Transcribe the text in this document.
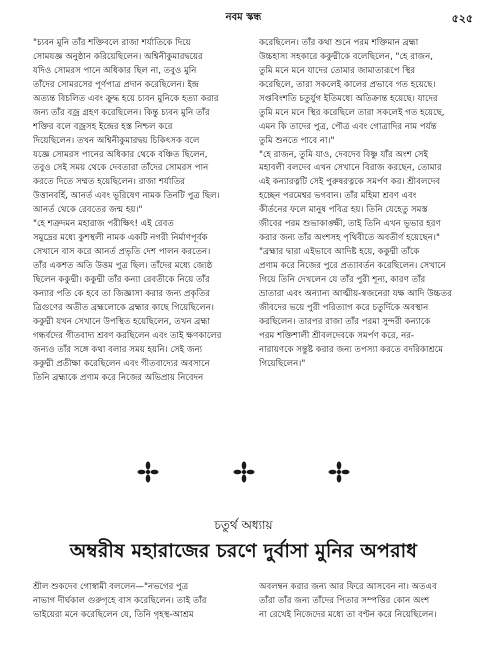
নবম স্কন্ধ	৫২৫
"চ্যবন মুনি তাঁর শক্তিবলে রাজা শর্যাতিকে দিয়ে
সোমযজ্ঞ অনুষ্ঠান করিয়েছিলেন। অশ্বিনীকুমারদ্বয়ের
যদিও সোমরস পানে অধিকার ছিল না, তবুও মুনি
তাঁদের সোমরসের পূর্ণপাত্র প্রদান করেছিলেন। ইন্দ্র
অত্যন্ত বিচলিত এবং ক্রুদ্ধ হয়ে চ্যবন মুনিকে হত্যা করার
জন্য তাঁর বজ্র গ্রহণ করেছিলেন। কিন্তু চ্যবন মুনি তাঁর
শক্তির বলে বজ্রসহ ইন্দ্রের হস্ত নিশ্চল করে
দিয়েছিলেন। তখন অশ্বিনীকুমারদ্বয় চিকিৎসক বলে
যজ্ঞে সোমরস পানের অধিকার থেকে বঞ্চিত ছিলেন,
তবুও সেই সময় থেকে দেবতারা তাঁদের সোমরস পান
করতে দিতে সম্মত হয়েছিলেন। রাজা শর্যাতির
উত্তানবর্হি, আনর্ত এবং ভূরিষেণ নামক তিনটি পুত্র ছিল।
আনর্ত থেকে রেবতের জন্ম হয়।"
"হে শত্রুদমন মহারাজ পরীক্ষিৎ! এই রেবত
সমুদ্রের মধ্যে কুশস্থলী নামক একটি নগরী নির্মাণপূর্বক
সেখানে বাস করে আনর্ত প্রভৃতি দেশ পালন করতেন।
তাঁর একশত অতি উত্তম পুত্র ছিল। তাঁদের মধ্যে জ্যেষ্ঠ
ছিলেন ককুদ্মী। ককুদ্মী তাঁর কন্যা রেবতীকে নিয়ে তাঁর
কন্যার পতি কে হবে তা জিজ্ঞাসা করার জন্য প্রকৃতির
ত্রিগুণের অতীত ব্রহ্মলোকে ব্রহ্মার কাছে গিয়েছিলেন।
ককুদ্মী যখন সেখানে উপস্থিত হয়েছিলেন, তখন ব্রহ্মা
গন্ধর্বদের গীতবাদ্য শ্রবণ করছিলেন এবং তাই ক্ষণকালের
জন্যও তাঁর সঙ্গে কথা বলার সময় হয়নি। সেই জন্য
ককুদ্মী প্রতীক্ষা করেছিলেন এবং গীতবাদ্যের অবসানে
তিনি ব্রহ্মাকে প্রণাম করে নিজের অভিপ্রায় নিবেদন
করেছিলেন। তাঁর কথা শুনে পরম শক্তিমান ব্রহ্মা
উচ্চহাস্য সহকারে ককুদ্মীকে বলেছিলেন, "হে রাজন,
তুমি মনে মনে যাদের তোমার জামাতারূপে স্থির
করেছিলে, তারা সকলেই কালের প্রভাবে গত হয়েছে।
সপ্তবিংশতি চতুর্যুগ ইতিমধ্যে অতিক্রান্ত হয়েছে। যাদের
তুমি মনে মনে স্থির করেছিলে তারা সকলেই গত হয়েছে,
এমন কি তাদের পুত্র, পৌত্র এবং গোত্রাদির নাম পর্যন্ত
তুমি শুনতে পাবে না।"
"হে রাজন, তুমি যাও, দেবদেব বিষ্ণু যাঁর অংশ সেই
মহাবলী বলদেব এখন সেখানে বিরাজ করছেন, তোমার
এই কন্যারত্নটি সেই পুরুষরত্নকে সমর্পণ কর। শ্রীবলদেব
হচ্ছেন পরমেশ্বর ভগবান। তাঁর মহিমা শ্রবণ এবং
কীর্তনের ফলে মানুষ পবিত্র হয়। তিনি যেহেতু সমস্ত
জীবের পরম শুভাকাঙ্ক্ষী, তাই তিনি এখন ভূভার হরণ
করার জন্য তাঁর অংশসহ পৃথিবীতে অবতীর্ণ হয়েছেন।"
"ব্রহ্মার দ্বারা এইভাবে আদিষ্ট হয়ে, ককুদ্মী তাঁকে
প্রণাম করে নিজের পুরে প্রত্যাবর্তন করেছিলেন। সেখানে
গিয়ে তিনি দেখলেন যে তাঁর পুরী শূন্য, কারণ তাঁর
ভ্রাতারা এবং অন্যান্য আত্মীয়-স্বজনেরা যক্ষ আদি উচ্চতর
জীবদের ভয়ে পুরী পরিত্যাগ করে চতুর্দিকে অবস্থান
করছিলেন। তারপর রাজা তাঁর পরমা সুন্দরী কন্যাকে
পরম শক্তিশালী শ্রীবলদেবকে সমর্পণ করে, নর-
নারায়ণকে সন্তুষ্ট করার জন্য তপস্যা করতে বদরিকাশ্রমে
গিয়েছিলেন।"

চতুর্থ অধ্যায়
অম্বরীষ মহারাজের চরণে দুর্বাসা মুনির অপরাধ
শ্রীল শুকদেব গোস্বামী বললেন—"নভগের পুত্র
নাভাগ দীর্ঘকাল গুরুগৃহে বাস করেছিলেন। তাই তাঁর
ভাইয়েরা মনে করেছিলেন যে, তিনি গৃহস্থ-আশ্রম
অবলম্বন করার জন্য আর ফিরে আসবেন না। অতএব
তাঁরা তাঁর জন্য তাঁদের পিতার সম্পত্তির কোন অংশ
না রেখেই নিজেদের মধ্যে তা বণ্টন করে নিয়েছিলেন।
